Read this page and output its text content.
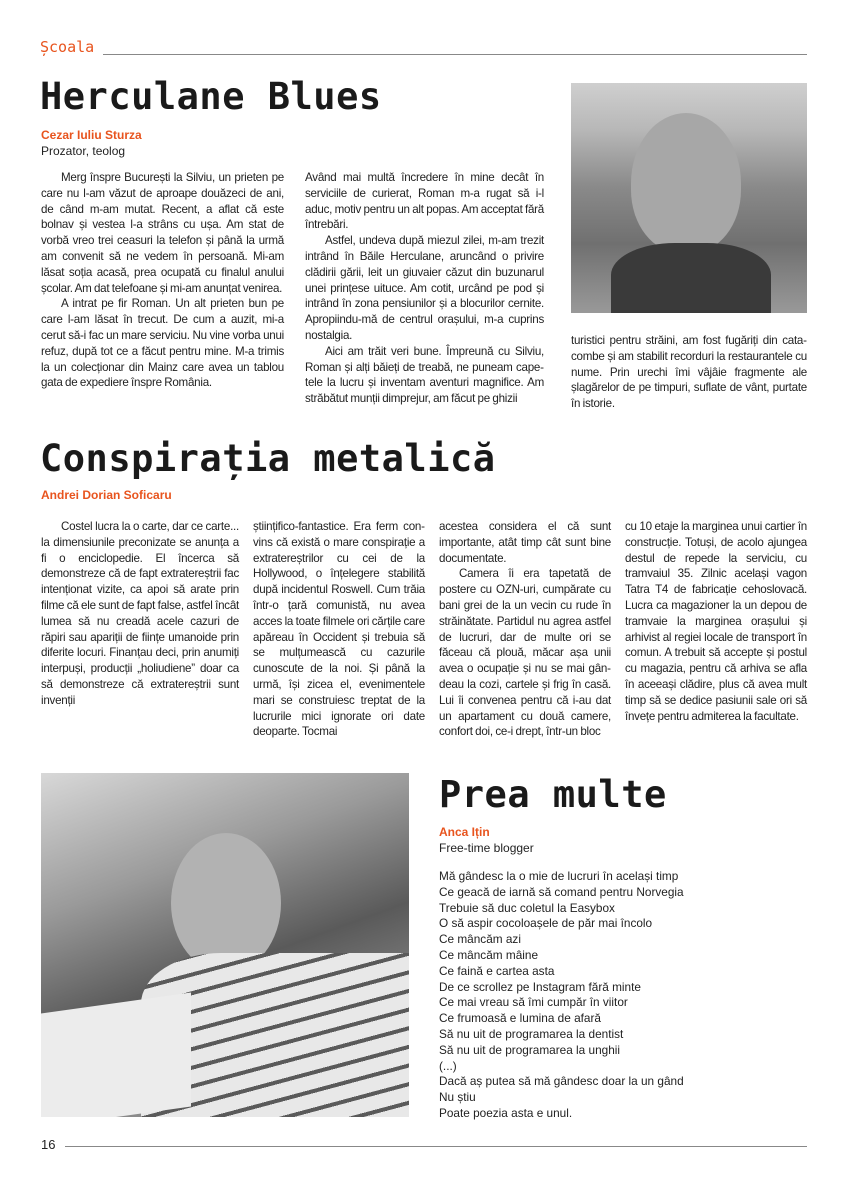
Școala
Herculane Blues
Cezar Iuliu Sturza
Prozator, teolog

Merg înspre București la Silviu, un prieten pe care nu l-am văzut de aproape douăzeci de ani, de când m-am mutat. Recent, a aflat că este bolnav și vestea l-a strâns cu ușa. Am stat de vorbă vreo trei ceasuri la telefon și până la urmă am convenit să ne vedem în persoană. Mi-am lăsat soția acasă, prea ocupată cu finalul anului școlar. Am dat telefoane și mi-am anunțat venirea.

A intrat pe fir Roman. Un alt prieten bun pe care l-am lăsat în trecut. De cum a auzit, mi-a cerut să-i fac un mare serviciu. Nu vine vorba unui refuz, după tot ce a făcut pentru mine. M-a trimis la un colecționar din Mainz care avea un tablou gata de expediere înspre România.

Având mai multă încredere în mine decât în serviciile de curierat, Roman m-a rugat să i-l aduc, motiv pentru un alt popas. Am acceptat fără întrebări.

Astfel, undeva după miezul zilei, m-am trezit intrând în Băile Herculane, aruncând o privire clădirii gării, leit un giuvaier căzut din buzunarul unei prințese uituce. Am cotit, urcând pe pod și intrând în zona pensiunilor și a blocurilor cernite. Apropiindu-mă de centrul orașului, m-a cuprins nostalgia.

Aici am trăit veri bune. Împreună cu Silviu, Roman și alți băieți de treabă, ne puneam capetele la lucru și inventam aventuri magnifice. Am străbătut munții dimprejur, am făcut pe ghizii

turistici pentru străini, am fost fugăriți din catacombe și am stabilit recorduri la restaurantele cu nume. Prin urechi îmi vâjâie fragmente ale șlagărelor de pe timpuri, suflate de vânt, purtate în istorie.

Conspirația metalică
Andrei Dorian Soficaru

Costel lucra la o carte, dar ce carte... la dimensiunile preconizate se anunța a fi o enciclopedie. El încerca să demonstreze că de fapt extratereștrii fac intenționat vizite, ca apoi să arate prin filme că ele sunt de fapt false, astfel încât lumea să nu creadă acele cazuri de răpiri sau apariții de ființe umanoide prin diferite locuri. Finanțau deci, prin anumiți interpuși, producții „holiudiene” doar ca să demonstreze că extratereștrii sunt invenții

științifico-fantastice. Era ferm convins că există o mare conspirație a extratereștrilor cu cei de la Hollywood, o înțelegere stabilită după incidentul Roswell. Cum trăia într-o țară comunistă, nu avea acces la toate filmele ori cărțile care apăreau în Occident și trebuia să se mulțumească cu cazurile cunoscute de la noi. Și până la urmă, își zicea el, evenimentele mari se construiesc treptat de la lucrurile mici ignorate ori date deoparte. Tocmai

acestea considera el că sunt importante, atât timp cât sunt bine documentate.

Camera îi era tapetată de postere cu OZN-uri, cumpărate cu bani grei de la un vecin cu rude în străinătate. Partidul nu agrea astfel de lucruri, dar de multe ori se făceau că plouă, măcar așa unii avea o ocupație și nu se mai gândeau la cozi, cartele și frig în casă. Lui îi convenea pentru că i-au dat un apartament cu două camere, confort doi, ce-i drept, într-un bloc

cu 10 etaje la marginea unui cartier în construcție. Totuși, de acolo ajungea destul de repede la serviciu, cu tramvaiul 35. Zilnic același vagon Tatra T4 de fabricație cehoslovacă. Lucra ca magazioner la un depou de tramvaie la marginea orașului și arhivist al regiei locale de transport în comun. A trebuit să accepte și postul cu magazia, pentru că arhiva se afla în aceeași clădire, plus că avea mult timp să se dedice pasiunii sale ori să învețe pentru admiterea la facultate.

Prea multe
Anca Ițin
Free-time blogger
Mă gândesc la o mie de lucruri în același timp
Ce geacă de iarnă să comand pentru Norvegia
Trebuie să duc coletul la Easybox
O să aspir cocoloașele de păr mai încolo
Ce mâncăm azi
Ce mâncăm mâine
Ce faină e cartea asta
De ce scrollez pe Instagram fără minte
Ce mai vreau să îmi cumpăr în viitor
Ce frumoasă e lumina de afară
Să nu uit de programarea la dentist
Să nu uit de programarea la unghii
(...)
Dacă aș putea să mă gândesc doar la un gând
Nu știu
Poate poezia asta e unul.
16
